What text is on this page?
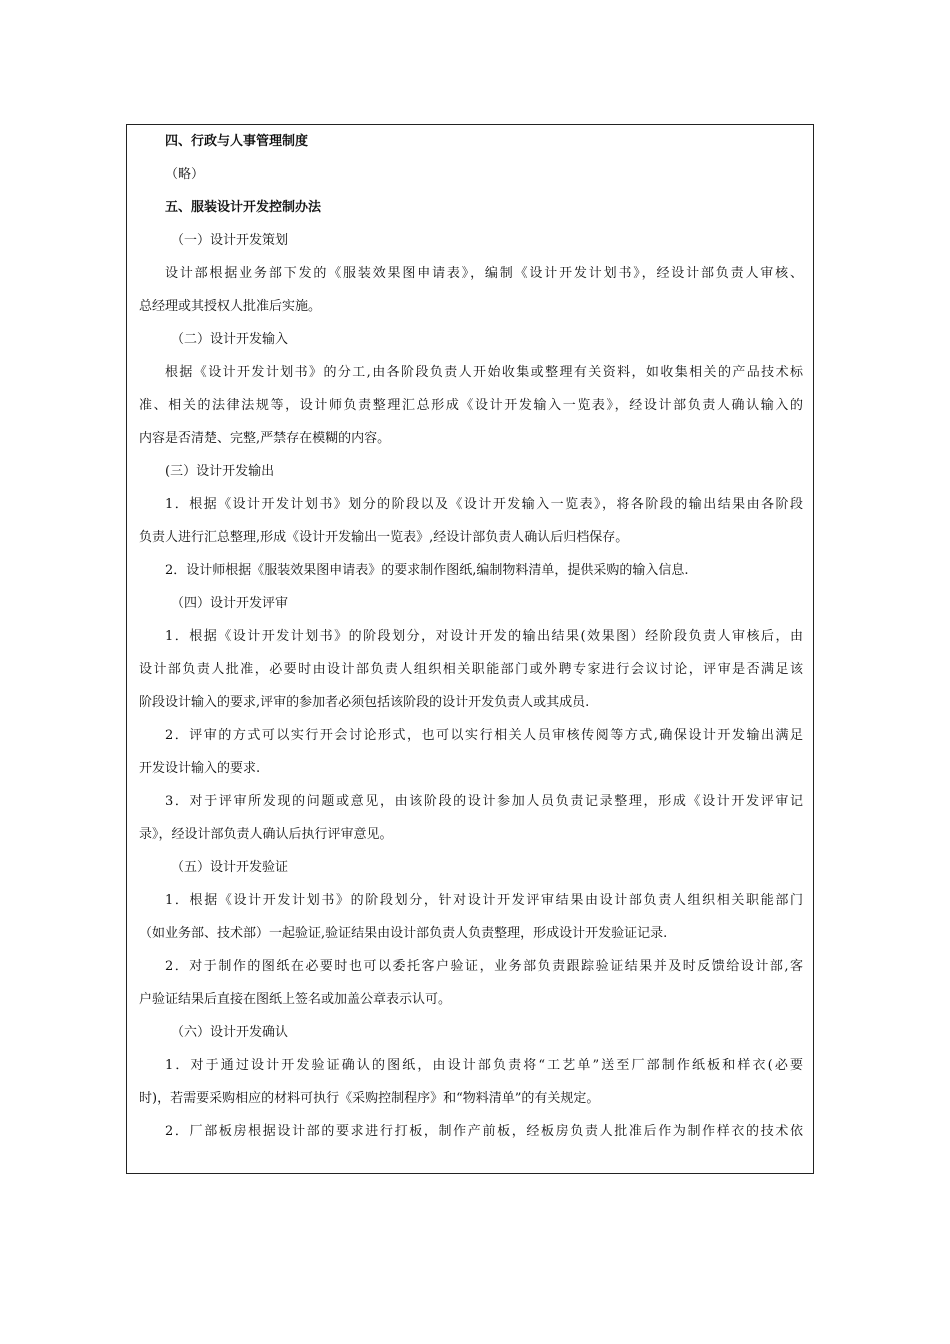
四、行政与人事管理制度
（略）
五、服装设计开发控制办法
（一）设计开发策划
设计部根据业务部下发的《服装效果图申请表》，编制《设计开发计划书》，经设计部负责人审核、
总经理或其授权人批准后实施。
（二）设计开发输入
根据《设计开发计划书》的分工,由各阶段负责人开始收集或整理有关资料，如收集相关的产品技术标
准、相关的法律法规等，设计师负责整理汇总形成《设计开发输入一览表》，经设计部负责人确认输入的
内容是否清楚、完整,严禁存在模糊的内容。
(三）设计开发输出
1．根据《设计开发计划书》划分的阶段以及《设计开发输入一览表》，将各阶段的输出结果由各阶段
负责人进行汇总整理,形成《设计开发输出一览表》,经设计部负责人确认后归档保存。
2．设计师根据《服装效果图申请表》的要求制作图纸,编制物料清单，提供采购的输入信息.
（四）设计开发评审
1．根据《设计开发计划书》的阶段划分，对设计开发的输出结果(效果图）经阶段负责人审核后，由
设计部负责人批准，必要时由设计部负责人组织相关职能部门或外聘专家进行会议讨论，评审是否满足该
阶段设计输入的要求,评审的参加者必须包括该阶段的设计开发负责人或其成员.
2．评审的方式可以实行开会讨论形式，也可以实行相关人员审核传阅等方式,确保设计开发输出满足
开发设计输入的要求.
3．对于评审所发现的问题或意见，由该阶段的设计参加人员负责记录整理，形成《设计开发评审记
录》，经设计部负责人确认后执行评审意见。
（五）设计开发验证
1．根据《设计开发计划书》的阶段划分，针对设计开发评审结果由设计部负责人组织相关职能部门
（如业务部、技术部）一起验证,验证结果由设计部负责人负责整理，形成设计开发验证记录.
2．对于制作的图纸在必要时也可以委托客户验证，业务部负责跟踪验证结果并及时反馈给设计部,客
户验证结果后直接在图纸上签名或加盖公章表示认可。
（六）设计开发确认
1．对于通过设计开发验证确认的图纸，由设计部负责将“工艺单”送至厂部制作纸板和样衣(必要
时)，若需要采购相应的材料可执行《采购控制程序》和“物料清单”的有关规定。
2．厂部板房根据设计部的要求进行打板，制作产前板，经板房负责人批准后作为制作样衣的技术依
